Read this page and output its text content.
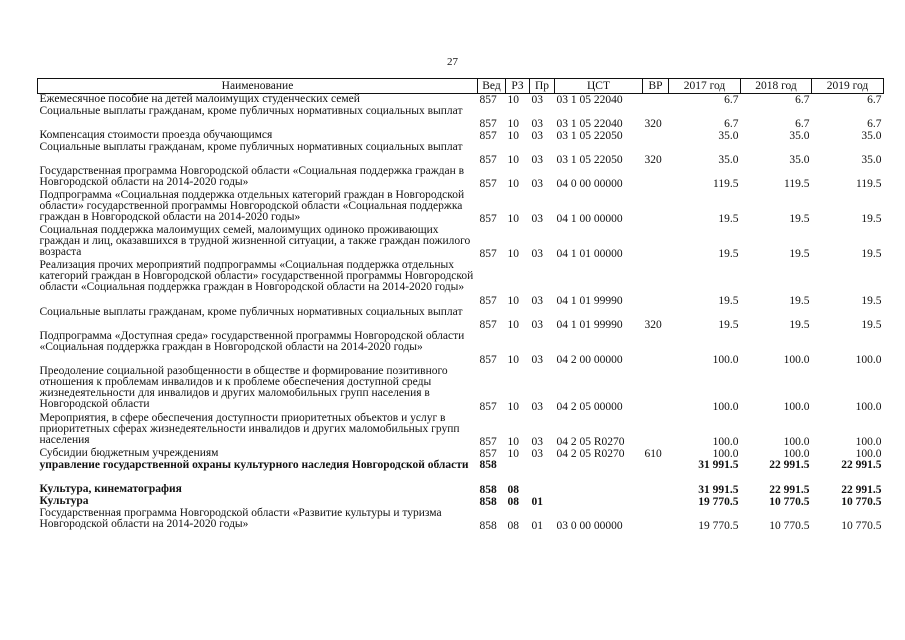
27
Наименование	Вед	РЗ	Пр	ЦСТ	ВР	2017 год	2018 год	2019 год
Ежемесячное пособие на детей малоимущих студенческих семей	857	10	03	03 1 05 22040		6.7	6.7	6.7
Социальные выплаты гражданам, кроме публичных нормативных социальных выплат	857	10	03	03 1 05 22040	320	6.7	6.7	6.7
Компенсация стоимости проезда обучающимся	857	10	03	03 1 05 22050		35.0	35.0	35.0
Социальные выплаты гражданам, кроме публичных нормативных социальных выплат	857	10	03	03 1 05 22050	320	35.0	35.0	35.0
Государственная программа Новгородской области «Социальная поддержка граждан в Новгородской области на 2014-2020 годы»	857	10	03	04 0 00 00000		119.5	119.5	119.5
Подпрограмма «Социальная поддержка отдельных категорий граждан в Новгородской области» государственной программы Новгородской области «Социальная поддержка граждан в Новгородской области на 2014-2020 годы»	857	10	03	04 1 00 00000		19.5	19.5	19.5
Социальная поддержка малоимущих семей, малоимущих одиноко проживающих граждан и лиц, оказавшихся в трудной жизненной ситуации, а также граждан пожилого возраста	857	10	03	04 1 01 00000		19.5	19.5	19.5
Реализация прочих мероприятий подпрограммы «Социальная поддержка отдельных категорий граждан в Новгородской области» государственной программы Новгородской области «Социальная поддержка граждан в Новгородской области на 2014-2020 годы»	857	10	03	04 1 01 99990		19.5	19.5	19.5
Социальные выплаты гражданам, кроме публичных нормативных социальных выплат	857	10	03	04 1 01 99990	320	19.5	19.5	19.5
Подпрограмма «Доступная среда» государственной программы Новгородской области «Социальная поддержка граждан в Новгородской области на 2014-2020 годы»	857	10	03	04 2 00 00000		100.0	100.0	100.0
Преодоление социальной разобщенности в обществе и формирование позитивного отношения к проблемам инвалидов и к проблеме обеспечения доступной среды жизнедеятельности для инвалидов и других маломобильных групп населения в Новгородской области	857	10	03	04 2 05 00000		100.0	100.0	100.0
Мероприятия, в сфере обеспечения доступности приоритетных объектов и услуг в приоритетных сферах жизнедеятельности инвалидов и других маломобильных групп населения	857	10	03	04 2 05 R0270		100.0	100.0	100.0
Субсидии бюджетным учреждениям	857	10	03	04 2 05 R0270	610	100.0	100.0	100.0
управление государственной охраны культурного наследия Новгородской области	858					31 991.5	22 991.5	22 991.5
Культура, кинематография	858	08				31 991.5	22 991.5	22 991.5
Культура	858	08	01			19 770.5	10 770.5	10 770.5
Государственная программа Новгородской области «Развитие культуры и туризма Новгородской области на 2014-2020 годы»	858	08	01	03 0 00 00000		19 770.5	10 770.5	10 770.5
